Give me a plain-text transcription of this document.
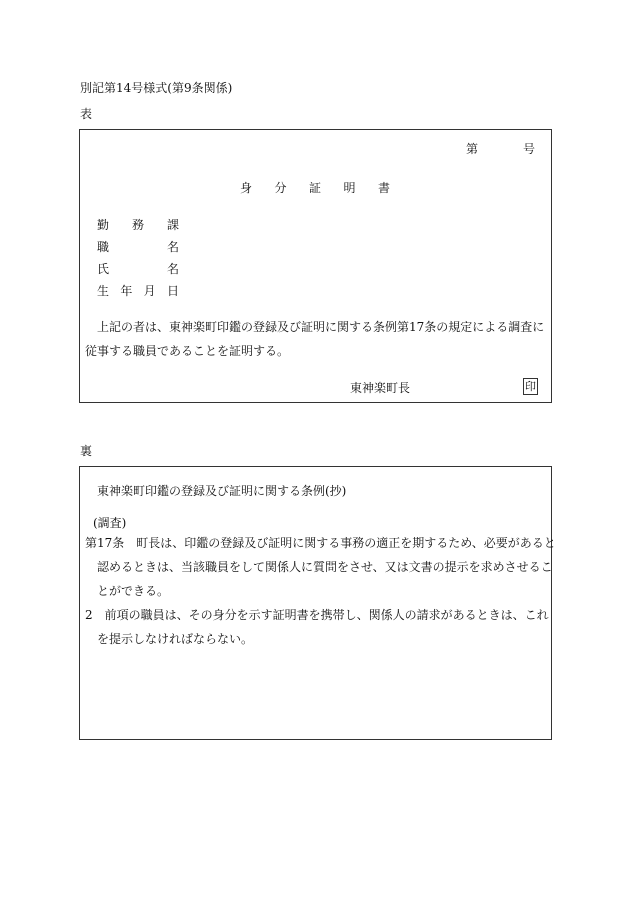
別記第14号様式(第9条関係)
表
第	号
身 分 証 明 書
勤 務 課
職	名
氏	名
生 年 月 日
上記の者は、東神楽町印鑑の登録及び証明に関する条例第17条の規定による調査に従事する職員であることを証明する。
東神楽町長	印
裏
東神楽町印鑑の登録及び証明に関する条例(抄)
(調査)
第17条　町長は、印鑑の登録及び証明に関する事務の適正を期するため、必要があると認めるときは、当該職員をして関係人に質問をさせ、又は文書の提示を求めさせることができる。
2　前項の職員は、その身分を示す証明書を携帯し、関係人の請求があるときは、これを提示しなければならない。
